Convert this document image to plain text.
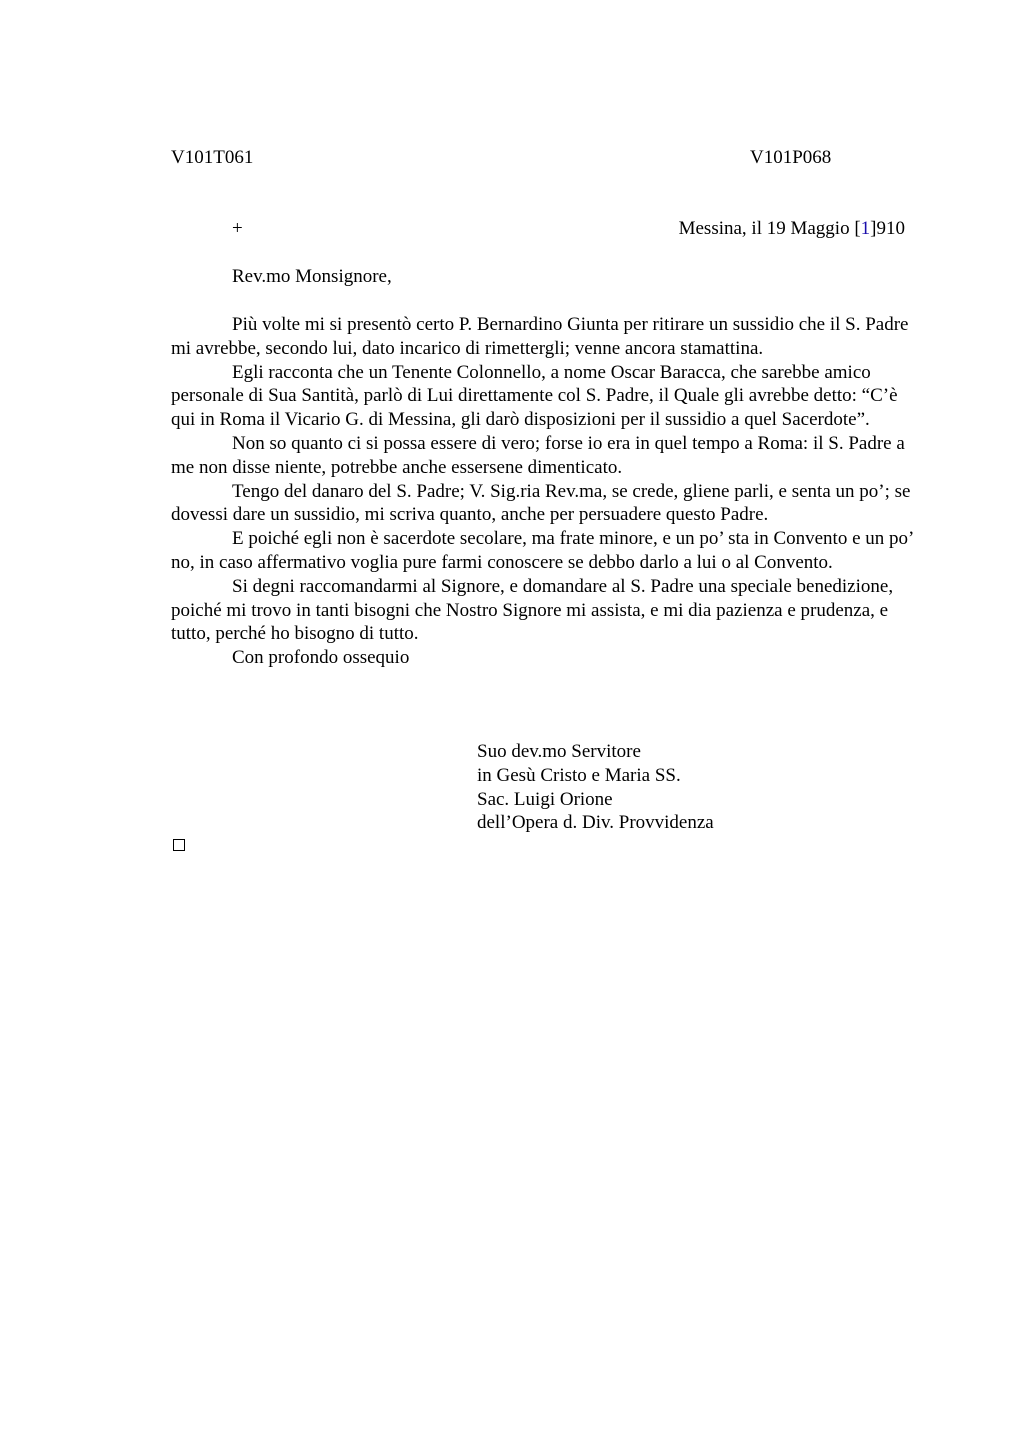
V101T061	V101P068
+	Messina, il 19 Maggio [1]910
Rev.mo Monsignore,

Più volte mi si presentò certo P. Bernardino Giunta per ritirare un sussidio che il S. Padre mi avrebbe, secondo lui, dato incarico di rimettergli; venne ancora stamattina.

Egli racconta che un Tenente Colonnello, a nome Oscar Baracca, che sarebbe amico personale di Sua Santità, parlò di Lui direttamente col S. Padre, il Quale gli avrebbe detto: “C’è qui in Roma il Vicario G. di Messina, gli darò disposizioni per il sussidio a quel Sacerdote”.

Non so quanto ci si possa essere di vero; forse io era in quel tempo a Roma: il S. Padre a me non disse niente, potrebbe anche essersene dimenticato.

Tengo del danaro del S. Padre; V. Sig.ria Rev.ma, se crede, gliene parli, e senta un po’; se dovessi dare un sussidio, mi scriva quanto, anche per persuadere questo Padre.

E poiché egli non è sacerdote secolare, ma frate minore, e un po’ sta in Convento e un po’ no, in caso affermativo voglia pure farmi conoscere se debbo darlo a lui o al Convento.

Si degni raccomandarmi al Signore, e domandare al S. Padre una speciale benedizione, poiché mi trovo in tanti bisogni che Nostro Signore mi assista, e mi dia pazienza e prudenza, e tutto, perché ho bisogno di tutto.

Con profondo ossequio

Suo dev.mo Servitore
in Gesù Cristo e Maria SS.
Sac. Luigi Orione
dell’Opera d. Div. Provvidenza
